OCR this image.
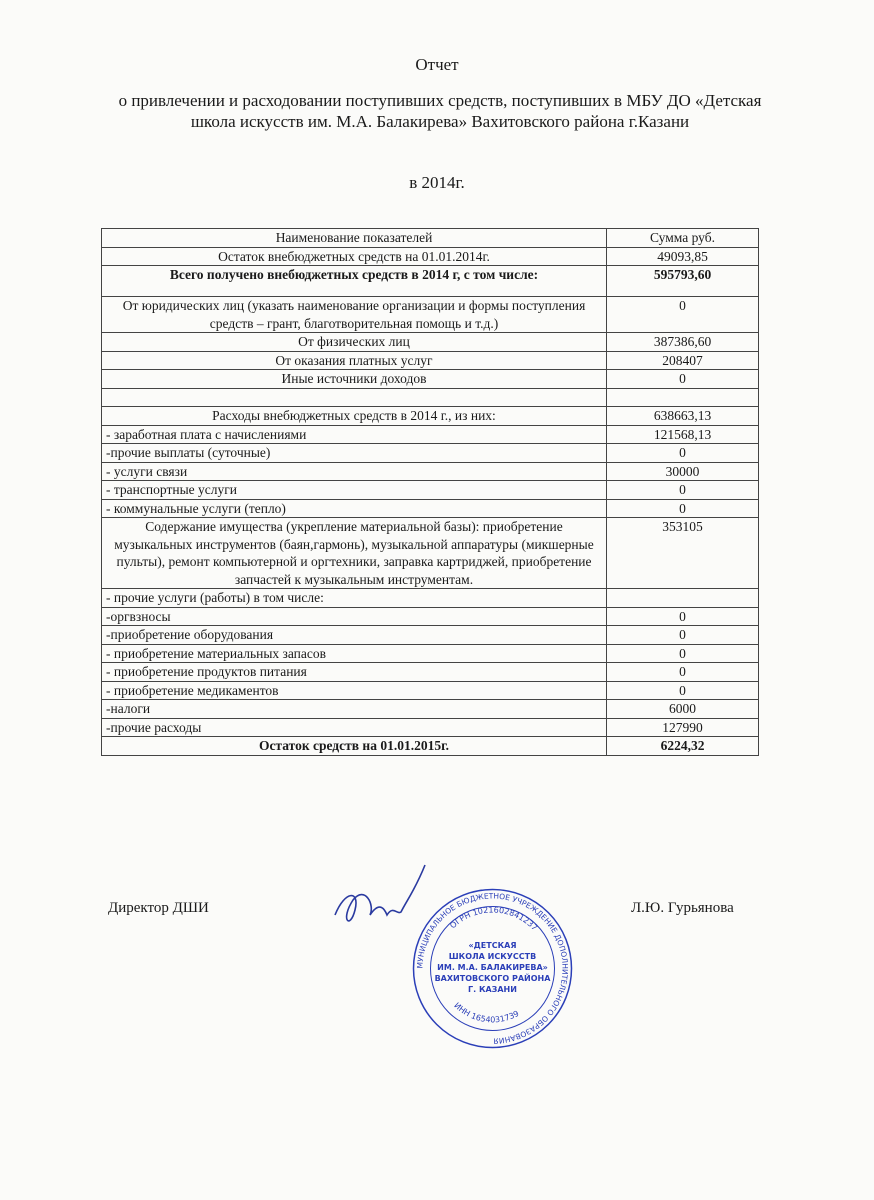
Отчет
о привлечении и расходовании поступивших средств, поступивших в МБУ ДО «Детская школа искусств им. М.А. Балакирева» Вахитовского района г.Казани
в 2014г.
Наименование показателей	Сумма руб.
Остаток внебюджетных средств на 01.01.2014г.	49093,85
Всего получено внебюджетных средств в 2014 г, с том числе:	595793,60
От юридических лиц (указать наименование организации и формы поступления средств – грант, благотворительная помощь и т.д.)	0
От физических лиц	387386,60
От оказания платных услуг	208407
Иные источники доходов	0

Расходы внебюджетных средств в 2014 г., из них:	638663,13
- заработная плата с начислениями	121568,13
-прочие выплаты (суточные)	0
- услуги связи	30000
- транспортные услуги	0
- коммунальные услуги (тепло)	0
Содержание имущества (укрепление материальной базы): приобретение музыкальных инструментов (баян,гармонь), музыкальной аппаратуры (микшерные пульты), ремонт компьютерной и оргтехники, заправка картриджей, приобретение запчастей к музыкальным инструментам.	353105
- прочие услуги (работы) в том числе:	
-оргвзносы	0
-приобретение оборудования	0
- приобретение материальных запасов	0
- приобретение продуктов питания	0
- приобретение медикаментов	0
-налоги	6000
-прочие расходы	127990
Остаток средств на 01.01.2015г.	6224,32
Директор ДШИ	Л.Ю. Гурьянова
МУНИЦИПАЛЬНОЕ БЮДЖЕТНОЕ УЧРЕЖДЕНИЕ ДОПОЛНИТЕЛЬНОГО ОБРАЗОВАНИЯ
ОГРН 1021602841237
ИНН 1654031739
«ДЕТСКАЯ
ШКОЛА ИСКУССТВ
ИМ. М.А. БАЛАКИРЕВА»
ВАХИТОВСКОГО РАЙОНА
Г. КАЗАНИ
